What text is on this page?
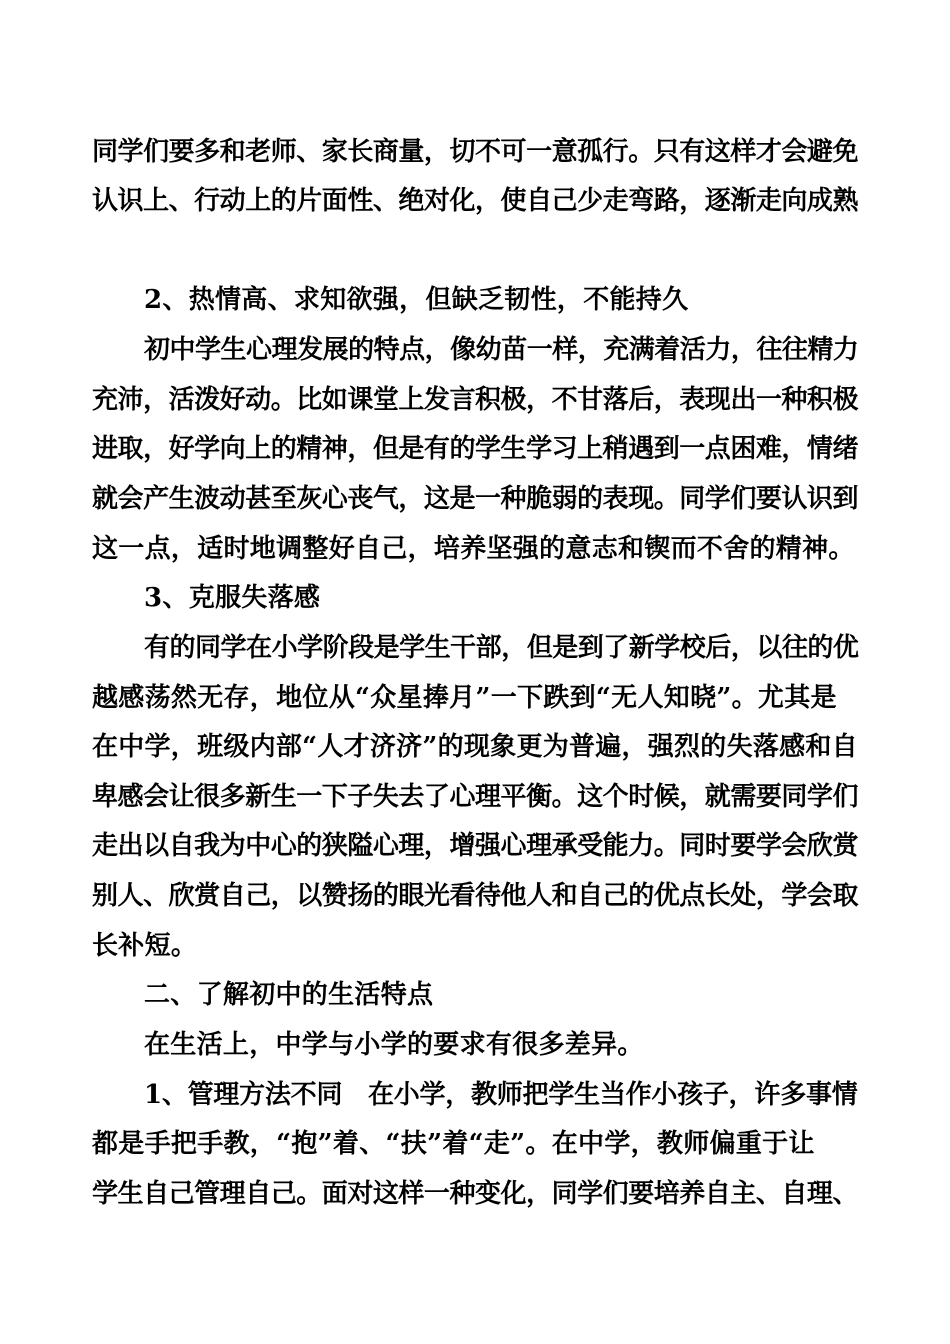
同学们要多和老师、家长商量，切不可一意孤行。只有这样才会避免
认识上、行动上的片面性、绝对化，使自己少走弯路，逐渐走向成熟
2、热情高、求知欲强，但缺乏韧性，不能持久
初中学生心理发展的特点，像幼苗一样，充满着活力，往往精力
充沛，活泼好动。比如课堂上发言积极，不甘落后，表现出一种积极
进取，好学向上的精神，但是有的学生学习上稍遇到一点困难，情绪
就会产生波动甚至灰心丧气，这是一种脆弱的表现。同学们要认识到
这一点，适时地调整好自己，培养坚强的意志和锲而不舍的精神。
3、克服失落感
有的同学在小学阶段是学生干部，但是到了新学校后，以往的优
越感荡然无存，地位从“众星捧月”一下跌到“无人知晓”。尤其是
在中学，班级内部“人才济济”的现象更为普遍，强烈的失落感和自
卑感会让很多新生一下子失去了心理平衡。这个时候，就需要同学们
走出以自我为中心的狭隘心理，增强心理承受能力。同时要学会欣赏
别人、欣赏自己，以赞扬的眼光看待他人和自己的优点长处，学会取
长补短。
二、了解初中的生活特点
在生活上，中学与小学的要求有很多差异。
1、管理方法不同　在小学，教师把学生当作小孩子，许多事情
都是手把手教，“抱”着、“扶”着“走”。在中学，教师偏重于让
学生自己管理自己。面对这样一种变化，同学们要培养自主、自理、
